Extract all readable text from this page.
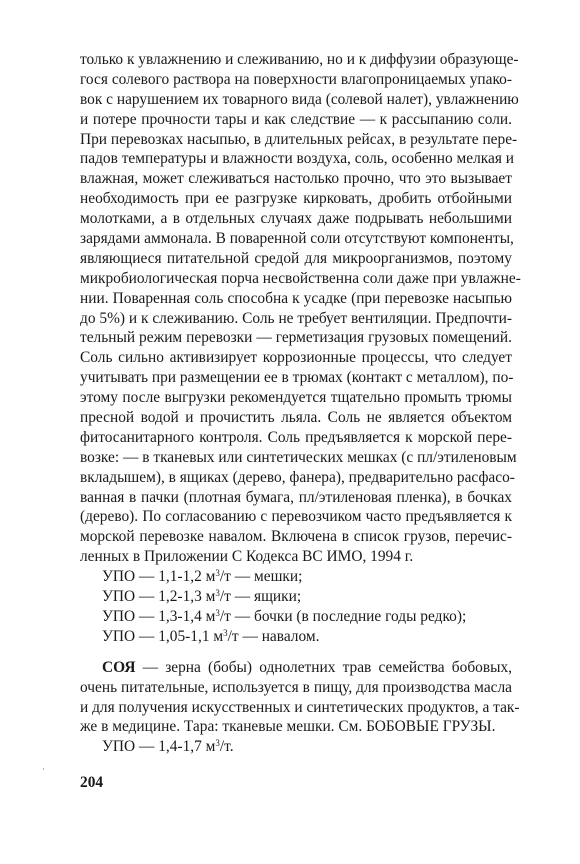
только к увлажнению и слеживанию, но и к диффузии образующе-
гося солевого раствора на поверхности влагопроницаемых упако-
вок с нарушением их товарного вида (солевой налет), увлажнению
и потере прочности тары и как следствие — к рассыпанию соли.
При перевозках насыпью, в длительных рейсах, в результате пере-
падов температуры и влажности воздуха, соль, особенно мелкая и
влажная, может слеживаться настолько прочно, что это вызывает
необходимость при ее разгрузке кирковать, дробить отбойными
молотками, а в отдельных случаях даже подрывать небольшими
зарядами аммонала. В поваренной соли отсутствуют компоненты,
являющиеся питательной средой для микроорганизмов, поэтому
микробиологическая порча несвойственна соли даже при увлажне-
нии. Поваренная соль способна к усадке (при перевозке насыпью
до 5%) и к слеживанию. Соль не требует вентиляции. Предпочти-
тельный режим перевозки — герметизация грузовых помещений.
Соль сильно активизирует коррозионные процессы, что следует
учитывать при размещении ее в трюмах (контакт с металлом), по-
этому после выгрузки рекомендуется тщательно промыть трюмы
пресной водой и прочистить льяла. Соль не является объектом
фитосанитарного контроля. Соль предъявляется к морской пере-
возке: — в тканевых или синтетических мешках (с пл/этиленовым
вкладышем), в ящиках (дерево, фанера), предварительно расфасо-
ванная в пачки (плотная бумага, пл/этиленовая пленка), в бочках
(дерево). По согласованию с перевозчиком часто предъявляется к
морской перевозке навалом. Включена в список грузов, перечис-
ленных в Приложении С Кодекса ВС ИМО, 1994 г.
УПО — 1,1-1,2 $м^3/т$ — мешки;
УПО — 1,2-1,3 $м^3/т$ — ящики;
УПО — 1,3-1,4 $м^3/т$ — бочки (в последние годы редко);
УПО — 1,05-1,1 $м^3/т$ — навалом.
СОЯ — зерна (бобы) однолетних трав семейства бобовых,
очень питательные, используется в пищу, для производства масла
и для получения искусственных и синтетических продуктов, а так-
же в медицине. Тара: тканевые мешки. См. БОБОВЫЕ ГРУЗЫ.
УПО — 1,4-1,7 $м^3/т$.
204
